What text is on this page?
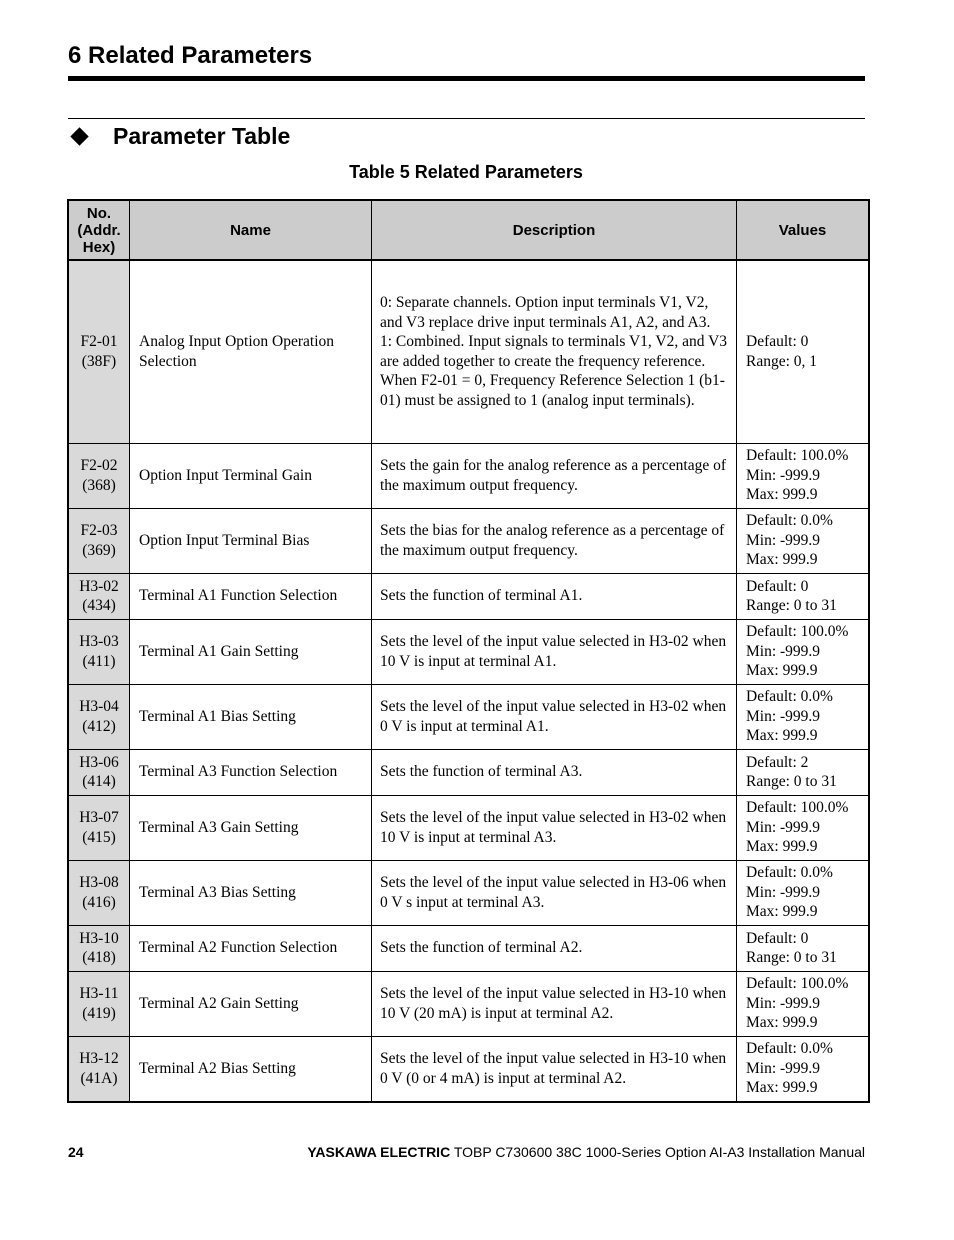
6 Related Parameters
Parameter Table
Table 5 Related Parameters
No.
(Addr.
Hex)	Name	Description	Values

F2-01
(38F)	Analog Input Option Operation Selection	0: Separate channels. Option input terminals V1, V2, and V3 replace drive input terminals A1, A2, and A3.
1: Combined. Input signals to terminals V1, V2, and V3 are added together to create the frequency reference.
When F2-01 = 0, Frequency Reference Selection 1 (b1-01) must be assigned to 1 (analog input terminals).	Default: 0
Range: 0, 1

F2-02
(368)	Option Input Terminal Gain	Sets the gain for the analog reference as a percentage of the maximum output frequency.	Default: 100.0%
Min: -999.9
Max: 999.9

F2-03
(369)	Option Input Terminal Bias	Sets the bias for the analog reference as a percentage of the maximum output frequency.	Default: 0.0%
Min: -999.9
Max: 999.9

H3-02
(434)	Terminal A1 Function Selection	Sets the function of terminal A1.	Default: 0
Range: 0 to 31

H3-03
(411)	Terminal A1 Gain Setting	Sets the level of the input value selected in H3-02 when 10 V is input at terminal A1.	Default: 100.0%
Min: -999.9
Max: 999.9

H3-04
(412)	Terminal A1 Bias Setting	Sets the level of the input value selected in H3-02 when 0 V is input at terminal A1.	Default: 0.0%
Min: -999.9
Max: 999.9

H3-06
(414)	Terminal A3 Function Selection	Sets the function of terminal A3.	Default: 2
Range: 0 to 31

H3-07
(415)	Terminal A3 Gain Setting	Sets the level of the input value selected in H3-02 when 10 V is input at terminal A3.	Default: 100.0%
Min: -999.9
Max: 999.9

H3-08
(416)	Terminal A3 Bias Setting	Sets the level of the input value selected in H3-06 when 0 V s input at terminal A3.	Default: 0.0%
Min: -999.9
Max: 999.9

H3-10
(418)	Terminal A2 Function Selection	Sets the function of terminal A2.	Default: 0
Range: 0 to 31

H3-11
(419)	Terminal A2 Gain Setting	Sets the level of the input value selected in H3-10 when 10 V (20 mA) is input at terminal A2.	Default: 100.0%
Min: -999.9
Max: 999.9

H3-12
(41A)	Terminal A2 Bias Setting	Sets the level of the input value selected in H3-10 when 0 V (0 or 4 mA) is input at terminal A2.	Default: 0.0%
Min: -999.9
Max: 999.9
24	YASKAWA ELECTRIC TOBP C730600 38C 1000-Series Option AI-A3 Installation Manual
